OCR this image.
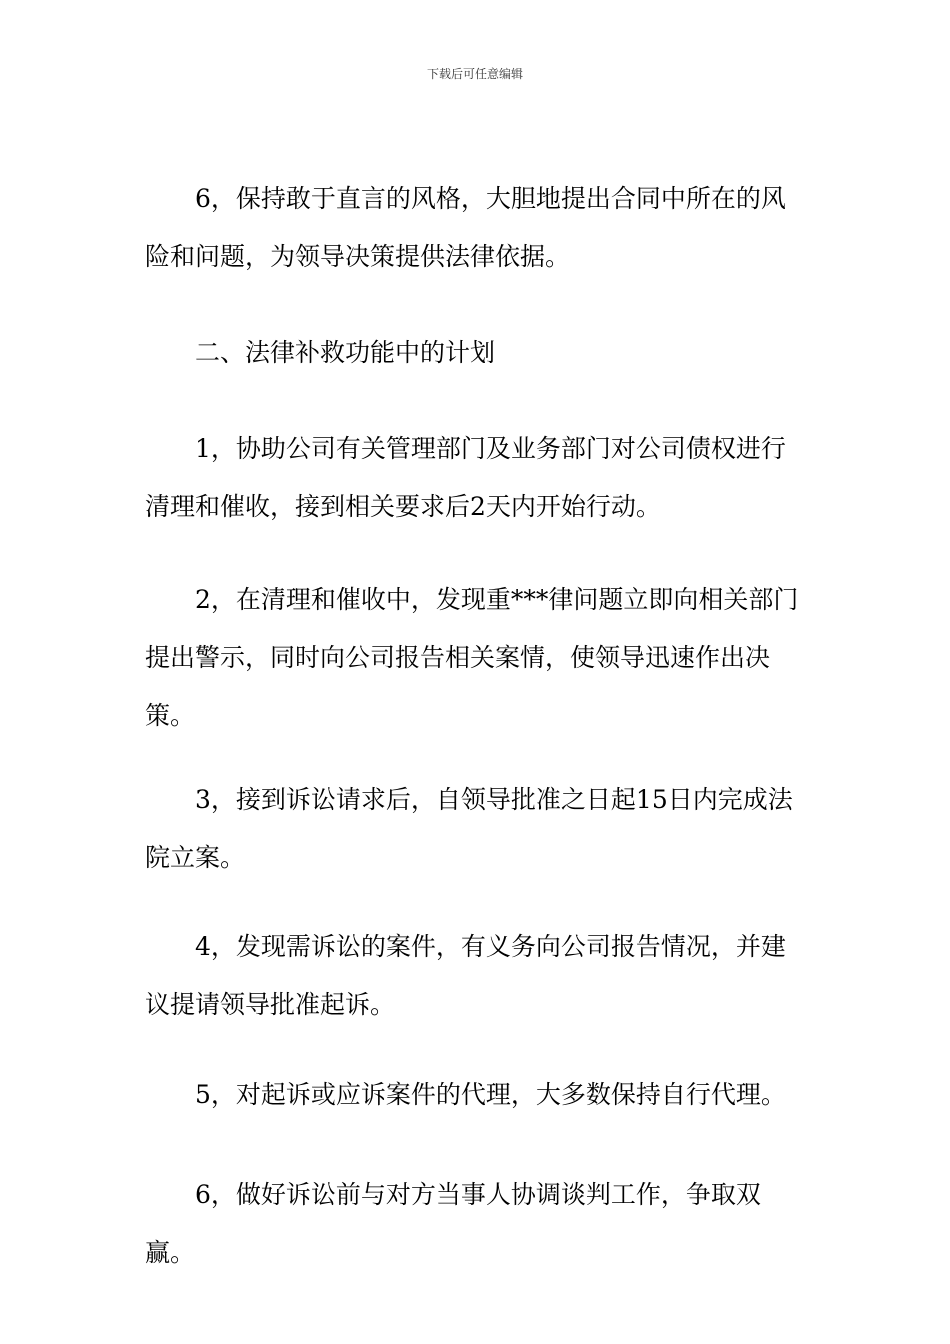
下载后可任意编辑

6，保持敢于直言的风格，大胆地提出合同中所在的风险和问题，为领导决策提供法律依据。

二、法律补救功能中的计划

1，协助公司有关管理部门及业务部门对公司债权进行清理和催收，接到相关要求后2天内开始行动。

2，在清理和催收中，发现重***律问题立即向相关部门提出警示，同时向公司报告相关案情，使领导迅速作出决策。

3，接到诉讼请求后，自领导批准之日起15日内完成法院立案。

4，发现需诉讼的案件，有义务向公司报告情况，并建议提请领导批准起诉。

5，对起诉或应诉案件的代理，大多数保持自行代理。

6，做好诉讼前与对方当事人协调谈判工作，争取双赢。
